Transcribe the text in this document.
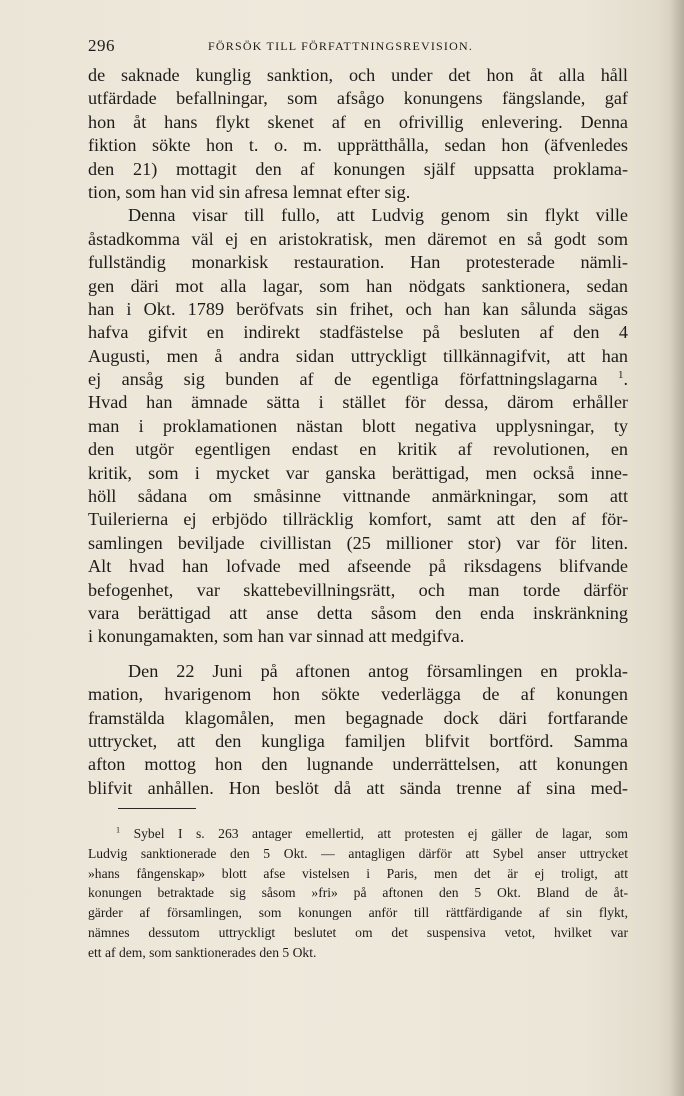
296	FÖRSÖK TILL FÖRFATTNINGSREVISION.
de saknade kunglig sanktion, och under det hon åt alla håll
utfärdade befallningar, som afsågo konungens fängslande, gaf
hon åt hans flykt skenet af en ofrivillig enlevering. Denna
fiktion sökte hon t. o. m. upprätthålla, sedan hon (äfvenledes
den 21) mottagit den af konungen själf uppsatta proklama-
tion, som han vid sin afresa lemnat efter sig.
Denna visar till fullo, att Ludvig genom sin flykt ville
åstadkomma väl ej en aristokratisk, men däremot en så godt som
fullständig monarkisk restauration. Han protesterade nämli-
gen däri mot alla lagar, som han nödgats sanktionera, sedan
han i Okt. 1789 beröfvats sin frihet, och han kan sålunda sägas
hafva gifvit en indirekt stadfästelse på besluten af den 4
Augusti, men å andra sidan uttryckligt tillkännagifvit, att han
ej ansåg sig bunden af de egentliga författningslagarna $^1$.
Hvad han ämnade sätta i stället för dessa, därom erhåller
man i proklamationen nästan blott negativa upplysningar, ty
den utgör egentligen endast en kritik af revolutionen, en
kritik, som i mycket var ganska berättigad, men också inne-
höll sådana om småsinne vittnande anmärkningar, som att
Tuilerierna ej erbjödo tillräcklig komfort, samt att den af för-
samlingen beviljade civillistan (25 millioner stor) var för liten.
Alt hvad han lofvade med afseende på riksdagens blifvande
befogenhet, var skattebevillningsrätt, och man torde därför
vara berättigad att anse detta såsom den enda inskränkning
i konungamakten, som han var sinnad att medgifva.
Den 22 Juni på aftonen antog församlingen en prokla-
mation, hvarigenom hon sökte vederlägga de af konungen
framstälda klagomålen, men begagnade dock däri fortfarande
uttrycket, att den kungliga familjen blifvit bortförd. Samma
afton mottog hon den lugnande underrättelsen, att konungen
blifvit anhållen. Hon beslöt då att sända trenne af sina med-
$^1$ Sybel I s. 263 antager emellertid, att protesten ej gäller de lagar, som
Ludvig sanktionerade den 5 Okt. — antagligen därför att Sybel anser uttrycket
»hans fångenskap» blott afse vistelsen i Paris, men det är ej troligt, att
konungen betraktade sig såsom »fri» på aftonen den 5 Okt. Bland de åt-
gärder af församlingen, som konungen anför till rättfärdigande af sin flykt,
nämnes dessutom uttryckligt beslutet om det suspensiva vetot, hvilket var
ett af dem, som sanktionerades den 5 Okt.
